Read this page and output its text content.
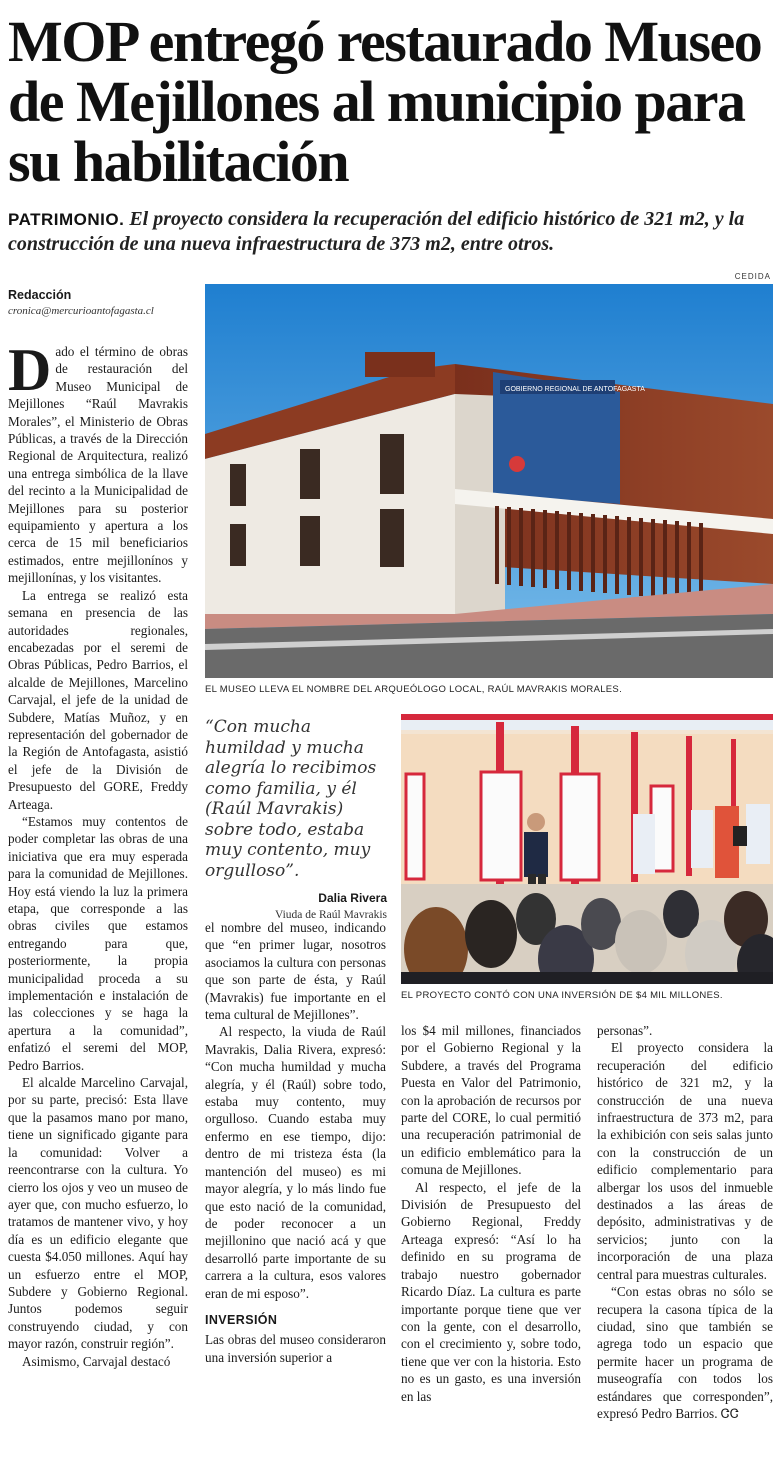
MOP entregó restaurado Museo de Mejillones al municipio para su habilitación
PATRIMONIO. El proyecto considera la recuperación del edificio histórico de 321 m2, y la construcción de una nueva infraestructura de 373 m2, entre otros.
CEDIDA
Redacción
cronica@mercurioantofagasta.cl
GOBIERNO REGIONAL DE ANTOFAGASTA
EL MUSEO LLEVA EL NOMBRE DEL ARQUEÓLOGO LOCAL, RAÚL MAVRAKIS MORALES.
“Con mucha humildad y mucha alegría lo recibimos como familia, y él (Raúl Mavrakis) sobre todo, estaba muy contento, muy orgulloso”.
Dalia Rivera
Viuda de Raúl Mavrakis
EL PROYECTO CONTÓ CON UNA INVERSIÓN DE $4 MIL MILLONES.

Dado el término de obras de restauración del Museo Municipal de Mejillones “Raúl Mavrakis Morales”, el Ministerio de Obras Públicas, a través de la Dirección Regional de Arquitectura, realizó una entrega simbólica de la llave del recinto a la Municipalidad de Mejillones para su posterior equipamiento y apertura a los cerca de 15 mil beneficiarios estimados, entre mejillonínos y mejillonínas, y los visitantes.

La entrega se realizó esta semana en presencia de las autoridades regionales, encabezadas por el seremi de Obras Públicas, Pedro Barrios, el alcalde de Mejillones, Marcelino Carvajal, el jefe de la unidad de Subdere, Matías Muñoz, y en representación del gobernador de la Región de Antofagasta, asistió el jefe de la División de Presupuesto del GORE, Freddy Arteaga.

“Estamos muy contentos de poder completar las obras de una iniciativa que era muy esperada para la comunidad de Mejillones. Hoy está viendo la luz la primera etapa, que corresponde a las obras civiles que estamos entregando para que, posteriormente, la propia municipalidad proceda a su implementación e instalación de las colecciones y se haga la apertura a la comunidad”, enfatizó el seremi del MOP, Pedro Barrios.

El alcalde Marcelino Carvajal, por su parte, precisó: Esta llave que la pasamos mano por mano, tiene un significado gigante para la comunidad: Volver a reencontrarse con la cultura. Yo cierro los ojos y veo un museo de ayer que, con mucho esfuerzo, lo tratamos de mantener vivo, y hoy día es un edificio elegante que cuesta $4.050 millones. Aquí hay un esfuerzo entre el MOP, Subdere y Gobierno Regional. Juntos podemos seguir construyendo ciudad, y con mayor razón, construir región”.

Asimismo, Carvajal destacó

el nombre del museo, indicando que “en primer lugar, nosotros asociamos la cultura con personas que son parte de ésta, y Raúl (Mavrakis) fue importante en el tema cultural de Mejillones”.

Al respecto, la viuda de Raúl Mavrakis, Dalia Rivera, expresó: “Con mucha humildad y mucha alegría, y él (Raúl) sobre todo, estaba muy contento, muy orgulloso. Cuando estaba muy enfermo en ese tiempo, dijo: dentro de mi tristeza ésta (la mantención del museo) es mi mayor alegría, y lo más lindo fue que esto nació de la comunidad, de poder reconocer a un mejillonino que nació acá y que desarrolló parte importante de su carrera a la cultura, esos valores eran de mi esposo”.

INVERSIÓN

Las obras del museo consideraron una inversión superior a

los $4 mil millones, financiados por el Gobierno Regional y la Subdere, a través del Programa Puesta en Valor del Patrimonio, con la aprobación de recursos por parte del CORE, lo cual permitió una recuperación patrimonial de un edificio emblemático para la comuna de Mejillones.

Al respecto, el jefe de la División de Presupuesto del Gobierno Regional, Freddy Arteaga expresó: “Así lo ha definido en su programa de trabajo nuestro gobernador Ricardo Díaz. La cultura es parte importante porque tiene que ver con la gente, con el desarrollo, con el crecimiento y, sobre todo, tiene que ver con la historia. Esto no es un gasto, es una inversión en las

personas”.

El proyecto considera la recuperación del edificio histórico de 321 m2, y la construcción de una nueva infraestructura de 373 m2, para la exhibición con seis salas junto con la construcción de un edificio complementario para albergar los usos del inmueble destinados a las áreas de depósito, administrativas y de servicios; junto con la incorporación de una plaza central para muestras culturales.

“Con estas obras no sólo se recupera la casona típica de la ciudad, sino que también se agrega todo un espacio que permite hacer un programa de museografía con todos los estándares que corresponden”, expresó Pedro Barrios. ᏣᏣ
